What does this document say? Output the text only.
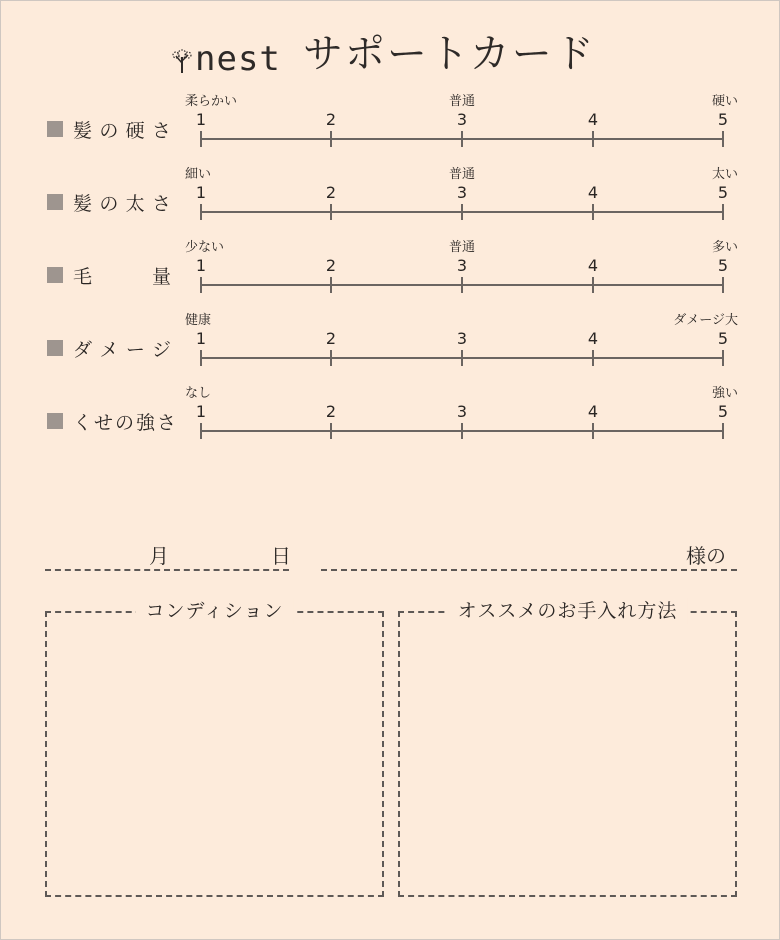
nest サポートカード
髪の硬さ
柔らかい	普通	硬い
1	2	3	4	5
髪の太さ
細い	普通	太い
1	2	3	4	5
毛　　量
少ない	普通	多い
1	2	3	4	5
ダメージ
健康	ダメージ大
1	2	3	4	5
くせの強さ
なし	強い
1	2	3	4	5
月	日	様の
コンディション	オススメのお手入れ方法
